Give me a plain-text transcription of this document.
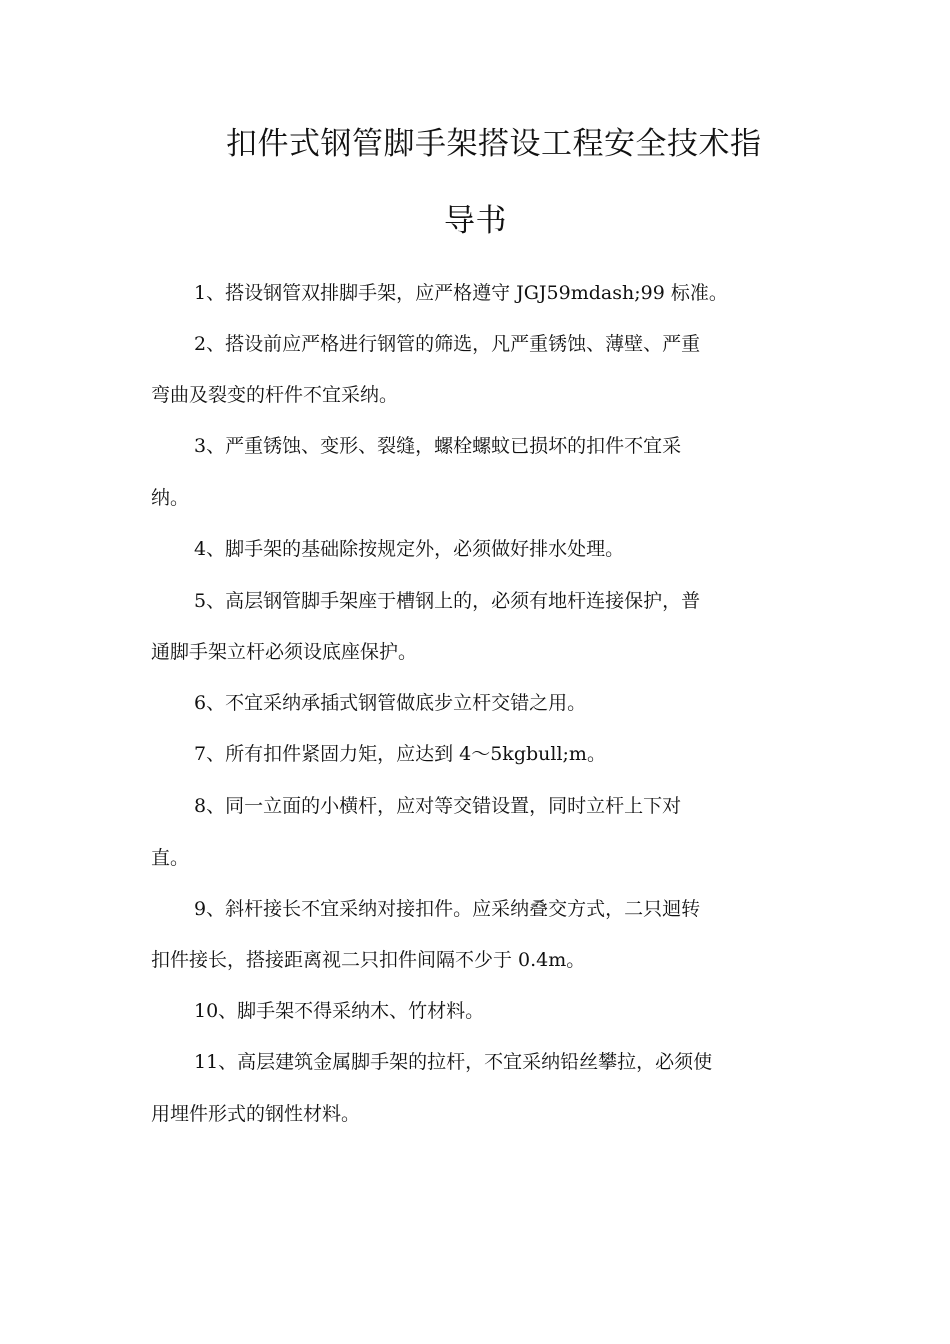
扣件式钢管脚手架搭设工程安全技术指
导书
1、搭设钢管双排脚手架，应严格遵守 JGJ59mdash;99 标准。
2、搭设前应严格进行钢管的筛选，凡严重锈蚀、薄壁、严重
弯曲及裂变的杆件不宜采纳。
3、严重锈蚀、变形、裂缝，螺栓螺蚊已损坏的扣件不宜采
纳。
4、脚手架的基础除按规定外，必须做好排水处理。
5、高层钢管脚手架座于槽钢上的，必须有地杆连接保护，普
通脚手架立杆必须设底座保护。
6、不宜采纳承插式钢管做底步立杆交错之用。
7、所有扣件紧固力矩，应达到 4～5kgbull;m。
8、同一立面的小横杆，应对等交错设置，同时立杆上下对
直。
9、斜杆接长不宜采纳对接扣件。应采纳叠交方式，二只迴转
扣件接长，搭接距离视二只扣件间隔不少于 0.4m。
10、脚手架不得采纳木、竹材料。
11、高层建筑金属脚手架的拉杆，不宜采纳铅丝攀拉，必须使
用埋件形式的钢性材料。
